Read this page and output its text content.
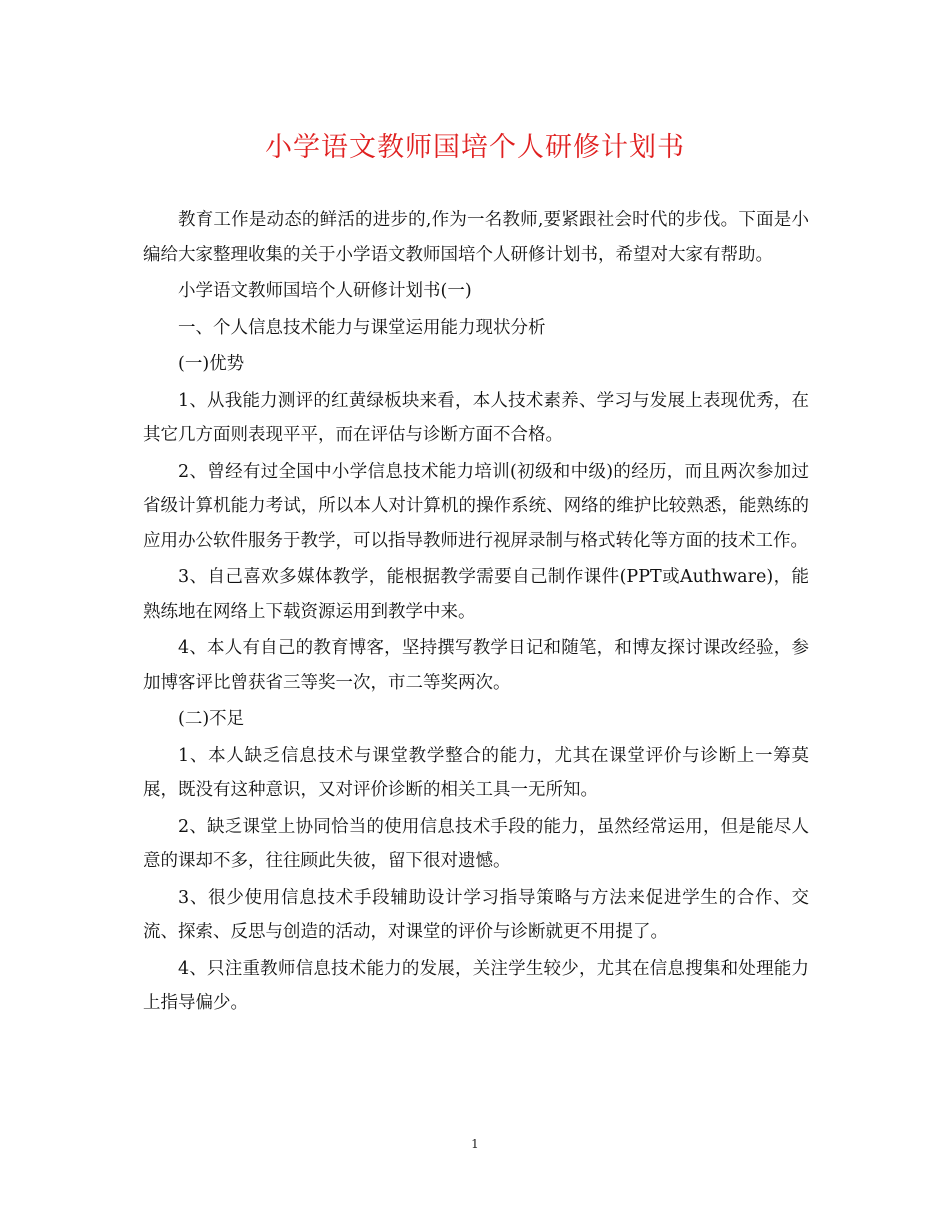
小学语文教师国培个人研修计划书

教育工作是动态的鲜活的进步的,作为一名教师,要紧跟社会时代的步伐。下面是小编给大家整理收集的关于小学语文教师国培个人研修计划书，希望对大家有帮助。

小学语文教师国培个人研修计划书(一)

一、个人信息技术能力与课堂运用能力现状分析

(一)优势

1、从我能力测评的红黄绿板块来看，本人技术素养、学习与发展上表现优秀，在其它几方面则表现平平，而在评估与诊断方面不合格。

2、曾经有过全国中小学信息技术能力培训(初级和中级)的经历，而且两次参加过省级计算机能力考试，所以本人对计算机的操作系统、网络的维护比较熟悉，能熟练的应用办公软件服务于教学，可以指导教师进行视屏录制与格式转化等方面的技术工作。

3、自己喜欢多媒体教学，能根据教学需要自己制作课件(PPT或Authware)，能熟练地在网络上下载资源运用到教学中来。

4、本人有自己的教育博客，坚持撰写教学日记和随笔，和博友探讨课改经验，参加博客评比曾获省三等奖一次，市二等奖两次。

(二)不足

1、本人缺乏信息技术与课堂教学整合的能力，尤其在课堂评价与诊断上一筹莫展，既没有这种意识，又对评价诊断的相关工具一无所知。

2、缺乏课堂上协同恰当的使用信息技术手段的能力，虽然经常运用，但是能尽人意的课却不多，往往顾此失彼，留下很对遗憾。

3、很少使用信息技术手段辅助设计学习指导策略与方法来促进学生的合作、交流、探索、反思与创造的活动，对课堂的评价与诊断就更不用提了。

4、只注重教师信息技术能力的发展，关注学生较少，尤其在信息搜集和处理能力上指导偏少。

1
